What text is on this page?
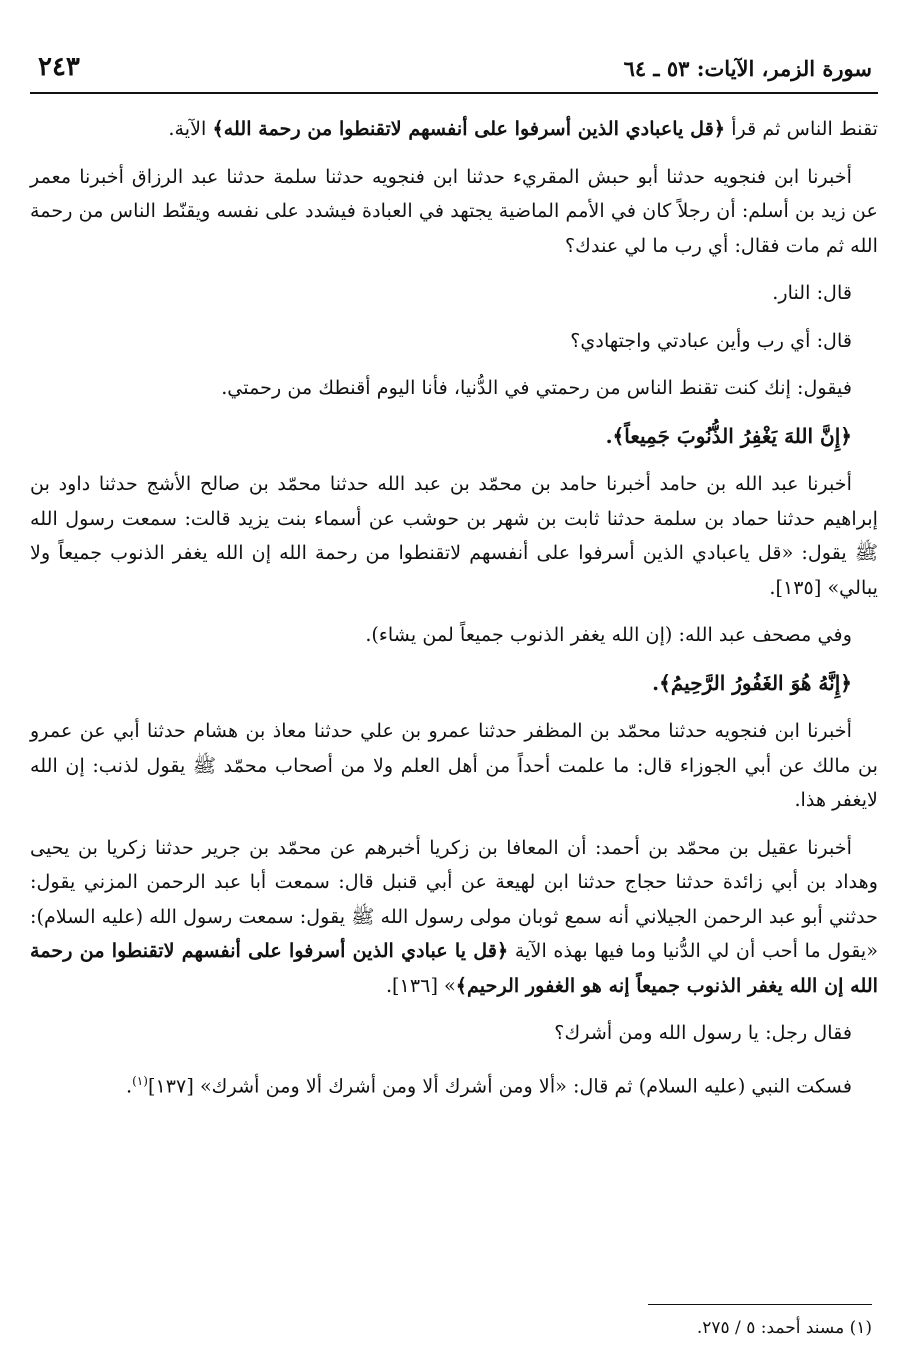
٢٤٣	سورة الزمر، الآيات: ٥٣ ـ ٦٤

تقنط الناس ثم قرأ ﴿قل ياعبادي الذين أسرفوا على أنفسهم لاتقنطوا من رحمة الله﴾ الآية.

أخبرنا ابن فنجويه حدثنا أبو حبش المقريء حدثنا ابن فنجويه حدثنا سلمة حدثنا عبد الرزاق أخبرنا معمر عن زيد بن أسلم: أن رجلاً كان في الأمم الماضية يجتهد في العبادة فيشدد على نفسه ويقنّط الناس من رحمة الله ثم مات فقال: أي رب ما لي عندك؟

قال: النار.

قال: أي رب وأين عبادتي واجتهادي؟

فيقول: إنك كنت تقنط الناس من رحمتي في الدُّنيا، فأنا اليوم أقنطك من رحمتي.

﴿إِنَّ اللهَ يَغْفِرُ الذُّنُوبَ جَمِيعاً﴾.

أخبرنا عبد الله بن حامد أخبرنا حامد بن محمّد بن عبد الله حدثنا محمّد بن صالح الأشج حدثنا داود بن إبراهيم حدثنا حماد بن سلمة حدثنا ثابت بن شهر بن حوشب عن أسماء بنت يزيد قالت: سمعت رسول الله ﷺ يقول: «قل ياعبادي الذين أسرفوا على أنفسهم لاتقنطوا من رحمة الله إن الله يغفر الذنوب جميعاً ولا يبالي» [١٣٥].

وفي مصحف عبد الله: (إن الله يغفر الذنوب جميعاً لمن يشاء).

﴿إِنَّهُ هُوَ الغَفُورُ الرَّحِيمُ﴾.

أخبرنا ابن فنجويه حدثنا محمّد بن المظفر حدثنا عمرو بن علي حدثنا معاذ بن هشام حدثنا أبي عن عمرو بن مالك عن أبي الجوزاء قال: ما علمت أحداً من أهل العلم ولا من أصحاب محمّد ﷺ يقول لذنب: إن الله لايغفر هذا.

أخبرنا عقيل بن محمّد بن أحمد: أن المعافا بن زكريا أخبرهم عن محمّد بن جرير حدثنا زكريا بن يحيى وهداد بن أبي زائدة حدثنا حجاج حدثنا ابن لهيعة عن أبي قنبل قال: سمعت أبا عبد الرحمن المزني يقول: حدثني أبو عبد الرحمن الجيلاني أنه سمع ثوبان مولى رسول الله ﷺ يقول: سمعت رسول الله (عليه السلام): «يقول ما أحب أن لي الدُّنيا وما فيها بهذه الآية ﴿قل يا عبادي الذين أسرفوا على أنفسهم لاتقنطوا من رحمة الله إن الله يغفر الذنوب جميعاً إنه هو الغفور الرحيم﴾» [١٣٦].

فقال رجل: يا رسول الله ومن أشرك؟

فسكت النبي (عليه السلام) ثم قال: «ألا ومن أشرك ألا ومن أشرك ألا ومن أشرك» [١٣٧]$^{(١)}$.

(١) مسند أحمد: ٥ / ٢٧٥.
